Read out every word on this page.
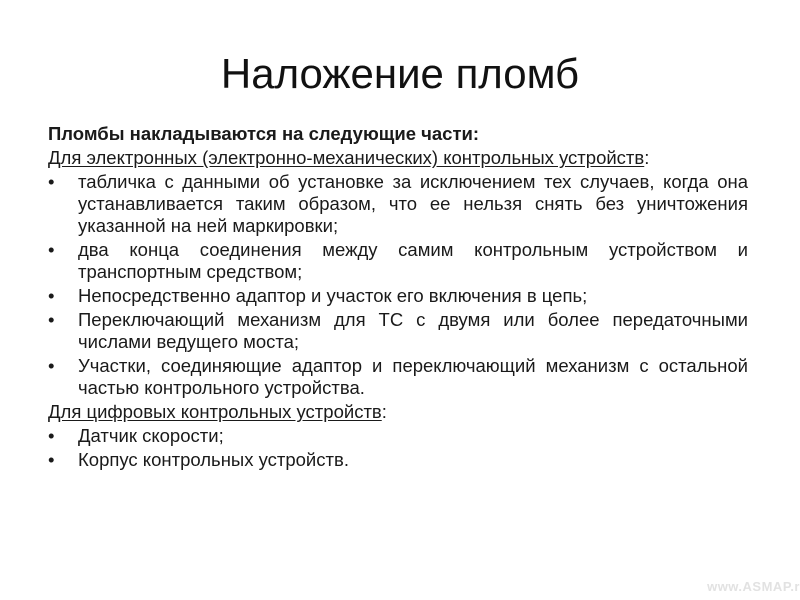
Наложение пломб

Пломбы накладываются на следующие части:

Для электронных (электронно-механических) контрольных устройств:

•	табличка с данными об установке за исключением тех случаев, когда она устанавливается таким образом, что ее нельзя снять без уничтожения указанной на ней маркировки;
•	два конца соединения между самим контрольным устройством и транспортным средством;
•	Непосредственно адаптор и участок его включения в цепь;
•	Переключающий механизм для ТС с двумя или более передаточными числами ведущего моста;
•	Участки, соединяющие адаптор и переключающий механизм с остальной частью контрольного устройства.

Для цифровых контрольных устройств:

•	Датчик скорости;
•	Корпус контрольных устройств.
www.ASMAP.r
